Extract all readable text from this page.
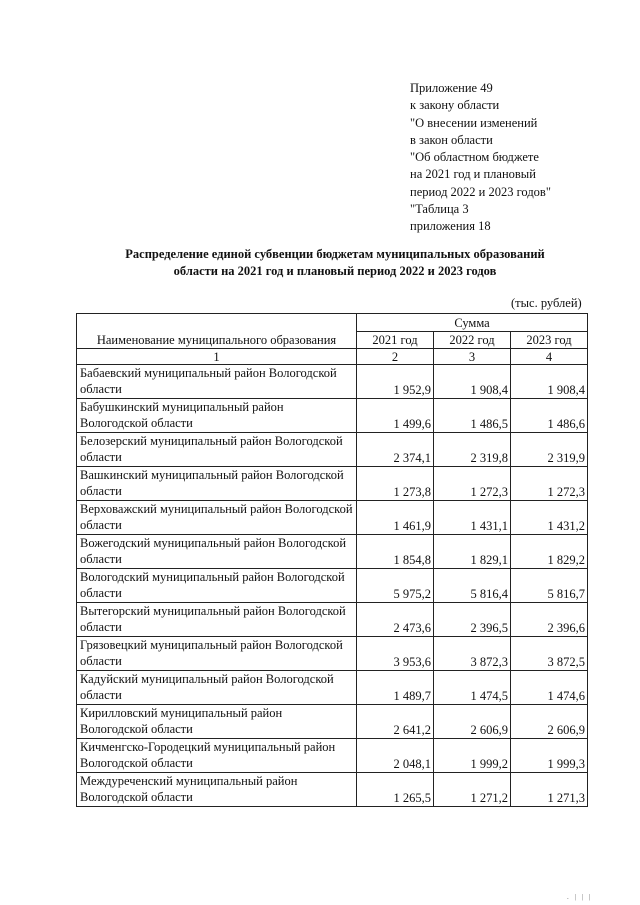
Приложение 49
к закону области
"О внесении изменений
в закон области
"Об областном бюджете
на 2021 год и плановый
период 2022 и 2023 годов"
"Таблица 3
приложения 18
Распределение единой субвенции бюджетам муниципальных образований
области на 2021 год и плановый период 2022 и 2023 годов
(тыс. рублей)
Наименование муниципального образования	Сумма		
	2021 год	2022 год	2023 год
1	2	3	4
Бабаевский муниципальный район Вологодской области	1 952,9	1 908,4	1 908,4
Бабушкинский муниципальный район Вологодской области	1 499,6	1 486,5	1 486,6
Белозерский муниципальный район Вологодской области	2 374,1	2 319,8	2 319,9
Вашкинский муниципальный район Вологодской области	1 273,8	1 272,3	1 272,3
Верховажский муниципальный район Вологодской области	1 461,9	1 431,1	1 431,2
Вожегодский муниципальный район Вологодской области	1 854,8	1 829,1	1 829,2
Вологодский муниципальный район Вологодской области	5 975,2	5 816,4	5 816,7
Вытегорский муниципальный район Вологодской области	2 473,6	2 396,5	2 396,6
Грязовецкий муниципальный район Вологодской области	3 953,6	3 872,3	3 872,5
Кадуйский муниципальный район Вологодской области	1 489,7	1 474,5	1 474,6
Кирилловский муниципальный район Вологодской области	2 641,2	2 606,9	2 606,9
Кичменгско-Городецкий муниципальный район Вологодской области	2 048,1	1 999,2	1 999,3
Междуреченский муниципальный район Вологодской области	1 265,5	1 271,2	1 271,3
. | | |
